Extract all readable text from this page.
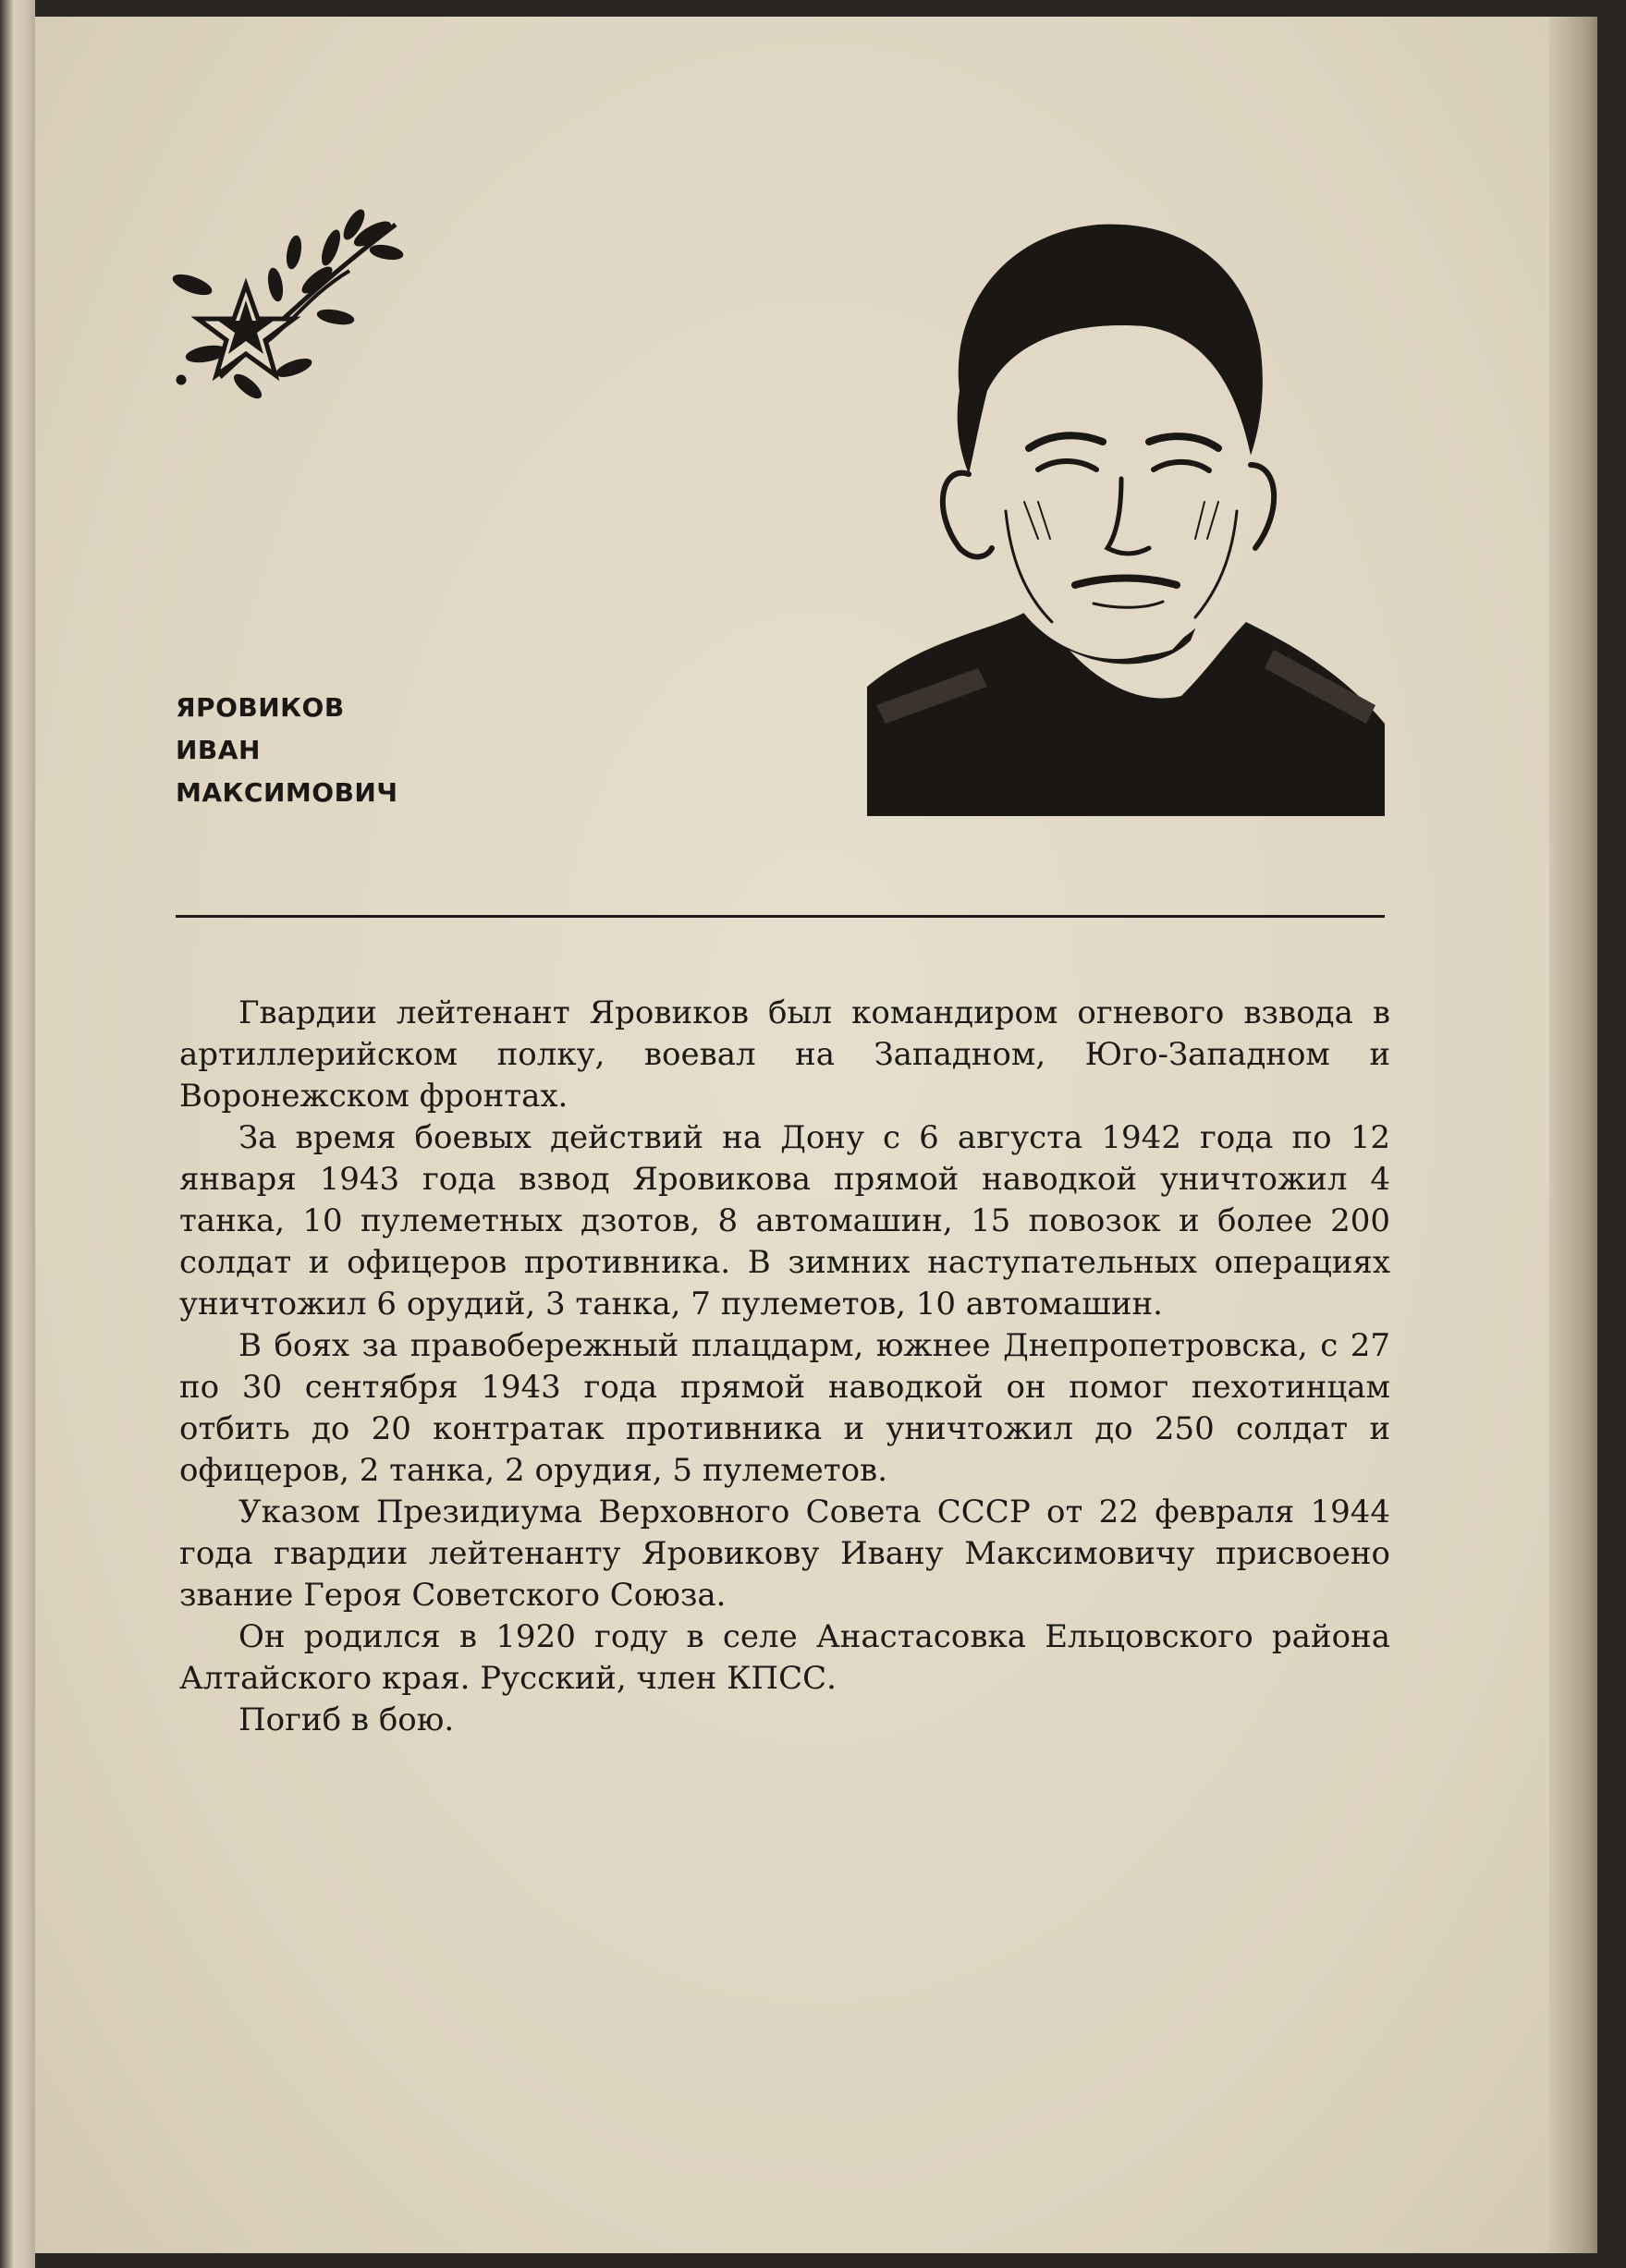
ЯРОВИКОВ
ИВАН
МАКСИМОВИЧ

Гвардии лейтенант Яровиков был командиром огневого взвода в артиллерийском полку, воевал на Западном, Юго-Западном и Воронежском фронтах.

За время боевых действий на Дону с 6 августа 1942 года по 12 января 1943 года взвод Яровикова прямой наводкой уничтожил 4 танка, 10 пулеметных дзотов, 8 автомашин, 15 повозок и более 200 солдат и офицеров противника. В зимних наступательных операциях уничтожил 6 орудий, 3 танка, 7 пулеметов, 10 автомашин.

В боях за правобережный плацдарм, южнее Днепропетровска, с 27 по 30 сентября 1943 года прямой наводкой он помог пехотинцам отбить до 20 контратак противника и уничтожил до 250 солдат и офицеров, 2 танка, 2 орудия, 5 пулеметов.

Указом Президиума Верховного Совета СССР от 22 февраля 1944 года гвардии лейтенанту Яровикову Ивану Максимовичу присвоено звание Героя Советского Союза.

Он родился в 1920 году в селе Анастасовка Ельцовского района Алтайского края. Русский, член КПСС.

Погиб в бою.
